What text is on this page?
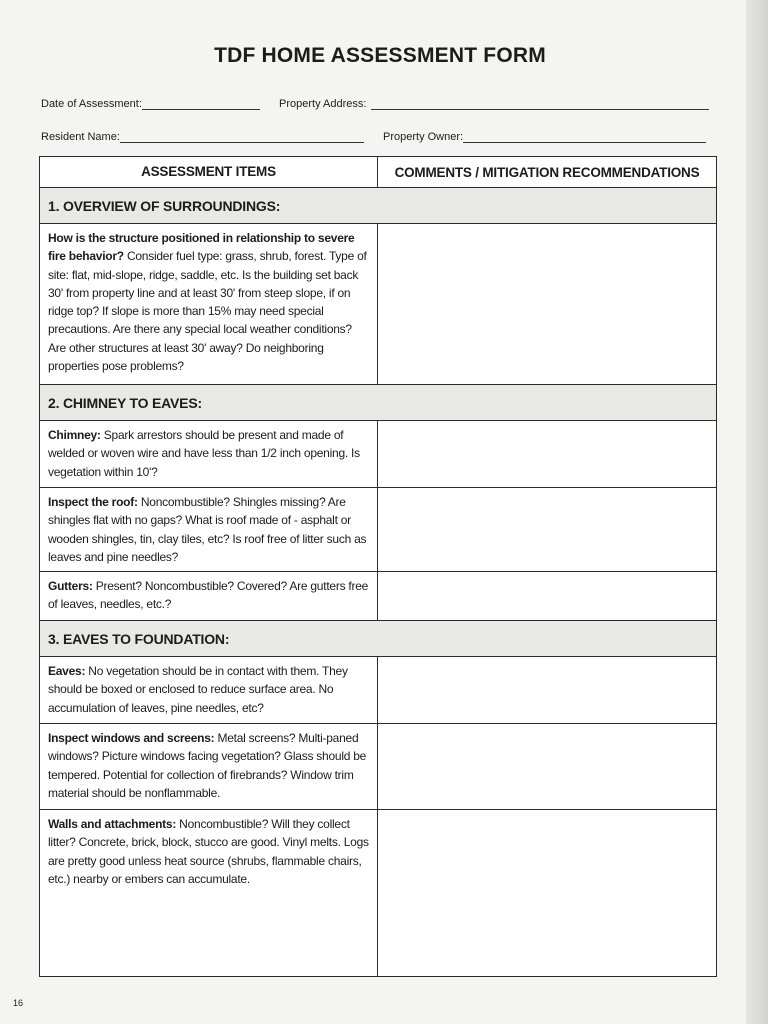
TDF HOME ASSESSMENT FORM
Date of Assessment:	Property Address:
Resident Name:	Property Owner:
ASSESSMENT ITEMS	COMMENTS / MITIGATION RECOMMENDATIONS
1. OVERVIEW OF SURROUNDINGS:
How is the structure positioned in relationship to severe fire behavior? Consider fuel type: grass, shrub, forest. Type of site: flat, mid-slope, ridge, saddle, etc. Is the building set back 30' from property line and at least 30' from steep slope, if on ridge top? If slope is more than 15% may need special precautions. Are there any special local weather conditions? Are other structures at least 30' away? Do neighboring properties pose problems?
2. CHIMNEY TO EAVES:
Chimney: Spark arrestors should be present and made of welded or woven wire and have less than 1/2 inch opening. Is vegetation within 10'?
Inspect the roof: Noncombustible? Shingles missing? Are shingles flat with no gaps? What is roof made of - asphalt or wooden shingles, tin, clay tiles, etc? Is roof free of litter such as leaves and pine needles?
Gutters: Present? Noncombustible? Covered? Are gutters free of leaves, needles, etc.?
3. EAVES TO FOUNDATION:
Eaves: No vegetation should be in contact with them. They should be boxed or enclosed to reduce surface area. No accumulation of leaves, pine needles, etc?
Inspect windows and screens: Metal screens? Multi-paned windows? Picture windows facing vegetation? Glass should be tempered. Potential for collection of firebrands? Window trim material should be nonflammable.
Walls and attachments: Noncombustible? Will they collect litter? Concrete, brick, block, stucco are good. Vinyl melts. Logs are pretty good unless heat source (shrubs, flammable chairs, etc.) nearby or embers can accumulate.
16
